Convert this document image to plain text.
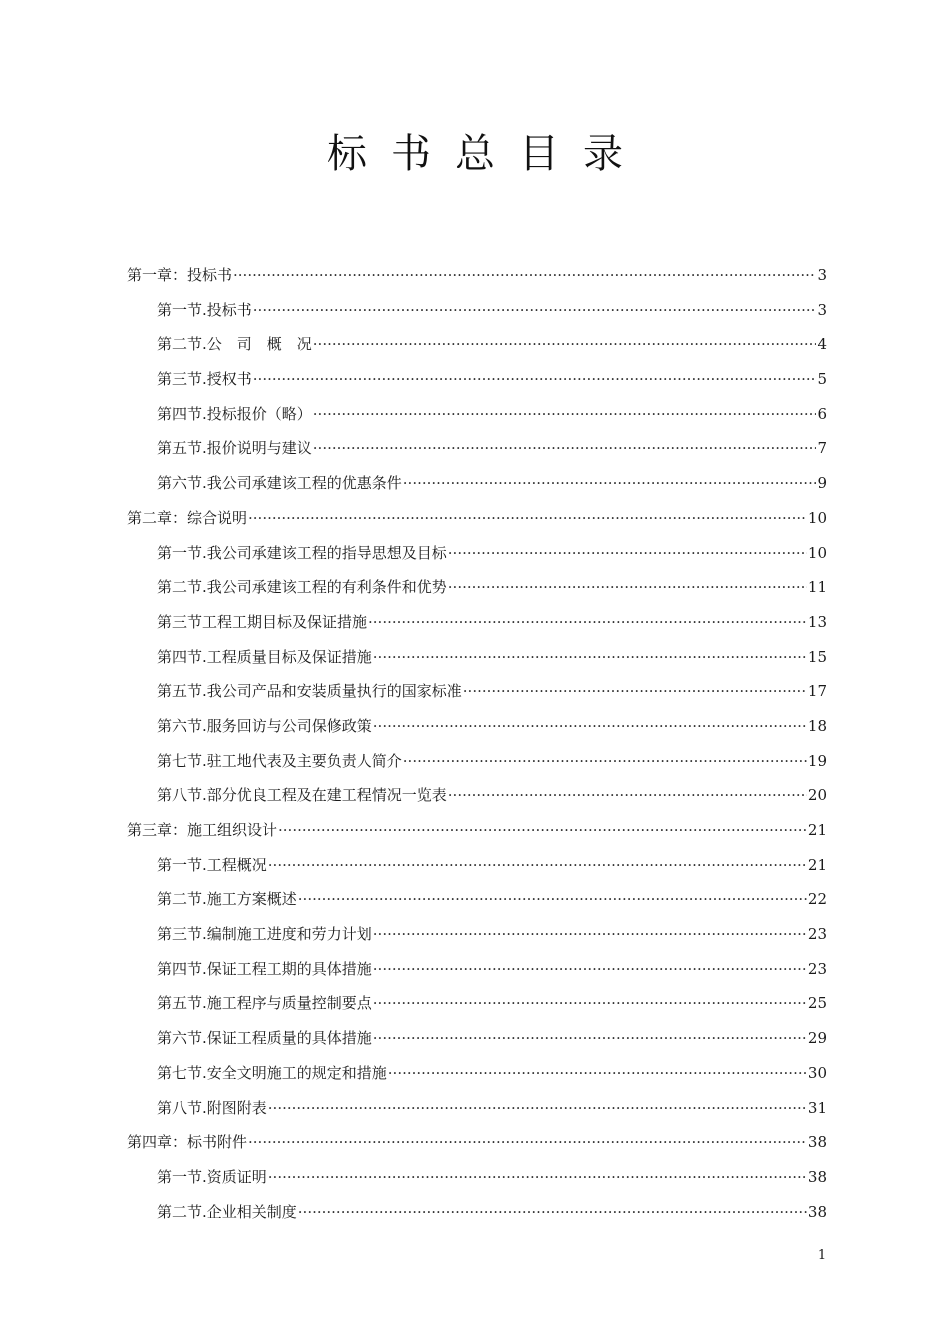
标书总目录
第一章：投标书 ·····	3
第一节.投标书 ·····	3
第二节.公　司　概　况 ·····	4
第三节.授权书 ·····	5
第四节.投标报价（略） ·····	6
第五节.报价说明与建议 ·····	7
第六节.我公司承建该工程的优惠条件 ·····	9
第二章：综合说明 ·····	10
第一节.我公司承建该工程的指导思想及目标 ·····	10
第二节.我公司承建该工程的有利条件和优势 ·····	11
第三节工程工期目标及保证措施 ·····	13
第四节.工程质量目标及保证措施 ·····	15
第五节.我公司产品和安装质量执行的国家标准 ·····	17
第六节.服务回访与公司保修政策 ·····	18
第七节.驻工地代表及主要负责人简介 ·····	19
第八节.部分优良工程及在建工程情况一览表 ·····	20
第三章：施工组织设计 ·····	21
第一节.工程概况 ·····	21
第二节.施工方案概述 ·····	22
第三节.编制施工进度和劳力计划 ·····	23
第四节.保证工程工期的具体措施 ·····	23
第五节.施工程序与质量控制要点 ·····	25
第六节.保证工程质量的具体措施 ·····	29
第七节.安全文明施工的规定和措施 ·····	30
第八节.附图附表 ·····	31
第四章：标书附件 ·····	38
第一节.资质证明 ·····	38
第二节.企业相关制度 ·····	38
1
